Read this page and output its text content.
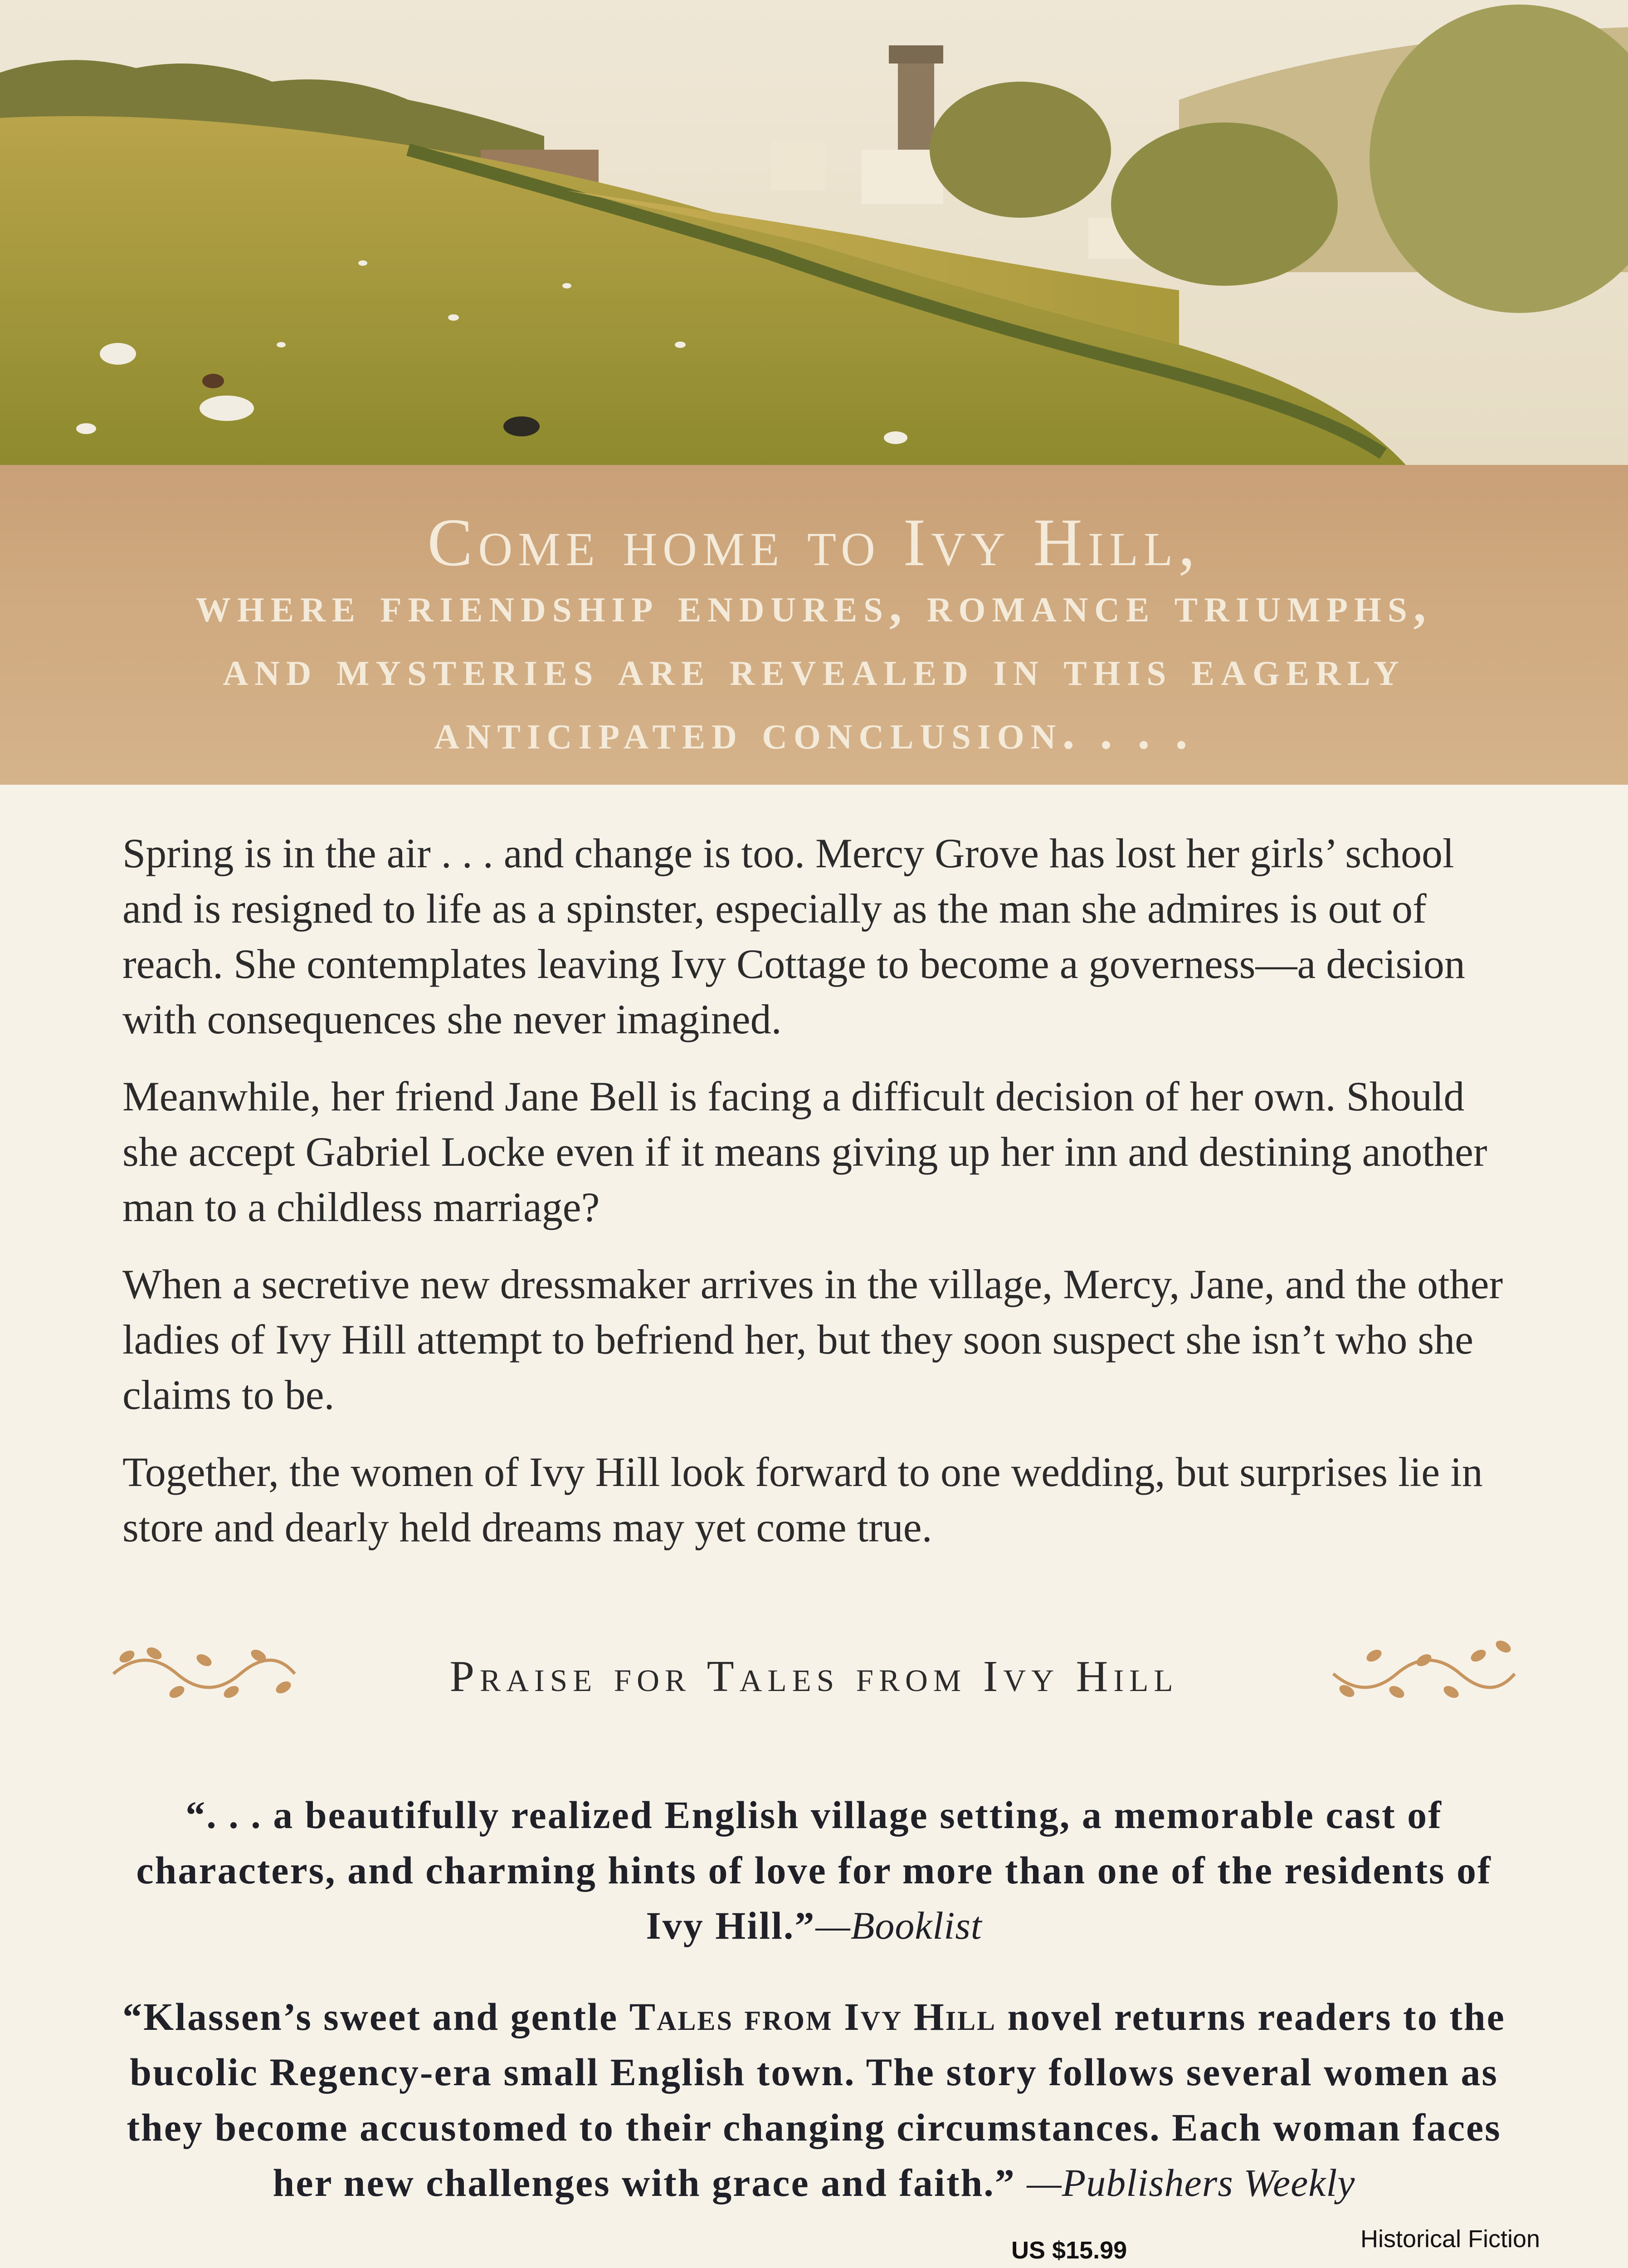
Come home to Ivy Hill,
where friendship endures, romance triumphs,
and mysteries are revealed in this eagerly
anticipated conclusion. . . .

Spring is in the air . . . and change is too. Mercy Grove has lost her girls’ school and is resigned to life as a spinster, especially as the man she admires is out of reach. She contemplates leaving Ivy Cottage to become a governess—a decision with consequences she never imagined.

Meanwhile, her friend Jane Bell is facing a difficult decision of her own. Should she accept Gabriel Locke even if it means giving up her inn and destining another man to a childless marriage?

When a secretive new dressmaker arrives in the village, Mercy, Jane, and the other ladies of Ivy Hill attempt to befriend her, but they soon suspect she isn’t who she claims to be.

Together, the women of Ivy Hill look forward to one wedding, but surprises lie in store and dearly held dreams may yet come true.

Praise for Tales from Ivy Hill
“. . . a beautifully realized English village setting, a memorable cast of characters, and charming hints of love for more than one of the residents of Ivy Hill.”—Booklist
“Klassen’s sweet and gentle Tales from Ivy Hill novel returns readers to the bucolic Regency-era small English town. The story follows several women as they become accustomed to their changing circumstances. Each woman faces her new challenges with grace and faith.” —Publishers Weekly
US $15.99	Historical Fiction
